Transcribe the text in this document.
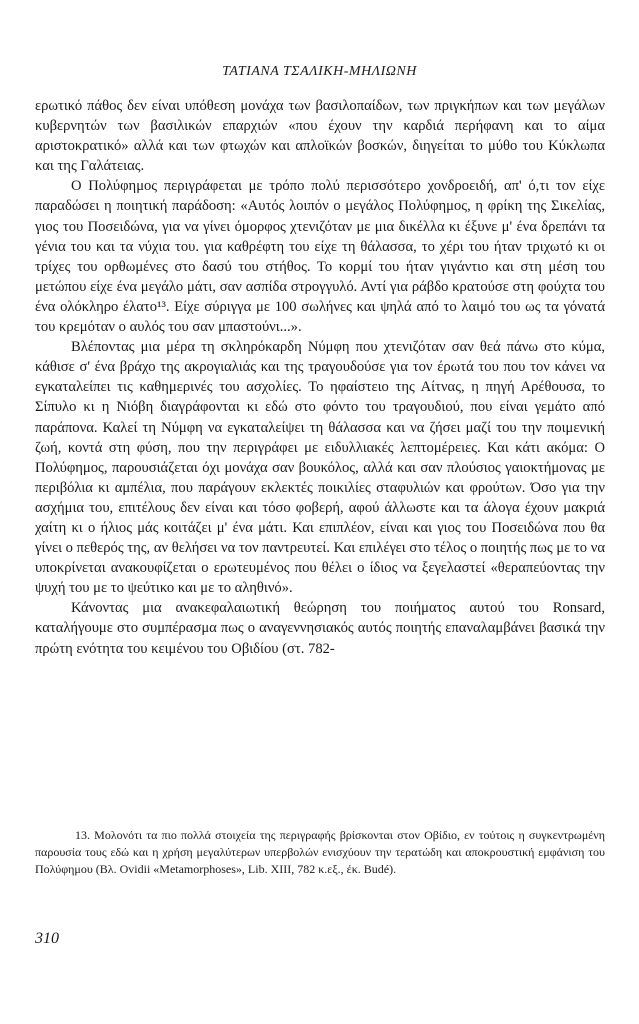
ΤΑΤΙΑΝΑ ΤΣΑΛΙΚΗ-ΜΗΛΙΩΝΗ

ερωτικό πάθος δεν είναι υπόθεση μονάχα των βασιλοπαίδων, των πριγκήπων και των μεγάλων κυβερνητών των βασιλικών επαρχιών «που έχουν την καρδιά περήφανη και το αίμα αριστοκρατικό» αλλά και των φτωχών και απλοϊκών βοσκών, διηγείται το μύθο του Κύκλωπα και της Γαλάτειας.

Ο Πολύφημος περιγράφεται με τρόπο πολύ περισσότερο χονδροειδή, απ' ό,τι τον είχε παραδώσει η ποιητική παράδοση: «Αυτός λοιπόν ο μεγάλος Πολύφημος, η φρίκη της Σικελίας, γιος του Ποσειδώνα, για να γίνει όμορφος χτενιζόταν με μια δικέλλα κι έξυνε μ' ένα δρεπάνι τα γένια του και τα νύχια του. για καθρέφτη του είχε τη θάλασσα, το χέρι του ήταν τριχωτό κι οι τρίχες του ορθωμένες στο δασύ του στήθος. Το κορμί του ήταν γιγάντιο και στη μέση του μετώπου είχε ένα μεγάλο μάτι, σαν ασπίδα στρογγυλό. Αντί για ράβδο κρατούσε στη φούχτα του ένα ολόκληρο έλατο¹³. Είχε σύριγγα με 100 σωλήνες και ψηλά από το λαιμό του ως τα γόνατά του κρεμόταν ο αυλός του σαν μπαστούνι...».

Βλέποντας μια μέρα τη σκληρόκαρδη Νύμφη που χτενιζόταν σαν θεά πάνω στο κύμα, κάθισε σ' ένα βράχο της ακρογιαλιάς και της τραγουδούσε για τον έρωτά του που τον κάνει να εγκαταλείπει τις καθημερινές του ασχολίες. Το ηφαίστειο της Αίτνας, η πηγή Αρέθουσα, το Σίπυλο κι η Νιόβη διαγράφονται κι εδώ στο φόντο του τραγουδιού, που είναι γεμάτο από παράπονα. Καλεί τη Νύμφη να εγκαταλείψει τη θάλασσα και να ζήσει μαζί του την ποιμενική ζωή, κοντά στη φύση, που την περιγράφει με ειδυλλιακές λεπτομέρειες. Και κάτι ακόμα: Ο Πολύφημος, παρουσιάζεται όχι μονάχα σαν βουκόλος, αλλά και σαν πλούσιος γαιοκτήμονας με περιβόλια κι αμπέλια, που παράγουν εκλεκτές ποικιλίες σταφυλιών και φρούτων. Όσο για την ασχήμια του, επιτέλους δεν είναι και τόσο φοβερή, αφού άλλωστε και τα άλογα έχουν μακριά χαίτη κι ο ήλιος μάς κοιτάζει μ' ένα μάτι. Και επιπλέον, είναι και γιος του Ποσειδώνα που θα γίνει ο πεθερός της, αν θελήσει να τον παντρευτεί. Και επιλέγει στο τέλος ο ποιητής πως με το να υποκρίνεται ανακουφίζεται ο ερωτευμένος που θέλει ο ίδιος να ξεγελαστεί «θεραπεύοντας την ψυχή του με το ψεύτικο και με το αληθινό».

Κάνοντας μια ανακεφαλαιωτική θεώρηση του ποιήματος αυτού του Ronsard, καταλήγουμε στο συμπέρασμα πως ο αναγεννησιακός αυτός ποιητής επαναλαμβάνει βασικά την πρώτη ενότητα του κειμένου του Οβιδίου (στ. 782-

13. Μολονότι τα πιο πολλά στοιχεία της περιγραφής βρίσκονται στον Οβίδιο, εν τούτοις η συγκεντρωμένη παρουσία τους εδώ και η χρήση μεγαλύτερων υπερβολών ενισχύουν την τερατώδη και αποκρουστική εμφάνιση του Πολύφημου (Βλ. Ovidii «Metamorphoses», Lib. XIII, 782 κ.εξ., έκ. Budé).
310
